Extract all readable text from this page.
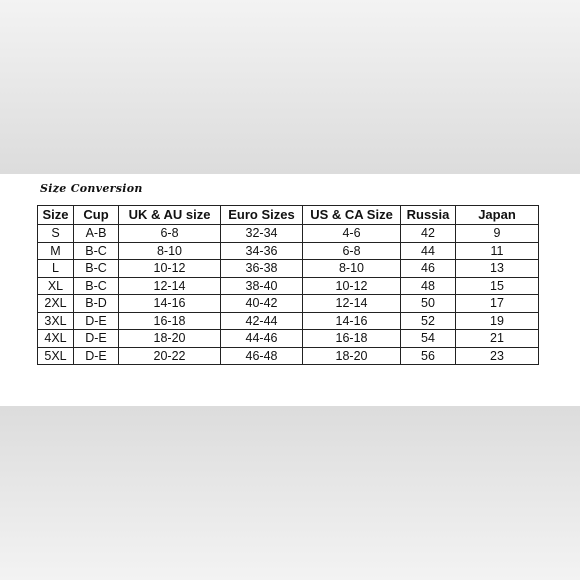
Size Conversion
Size	Cup	UK & AU size	Euro Sizes	US & CA Size	Russia	Japan
S	A-B	6-8	32-34	4-6	42	9
M	B-C	8-10	34-36	6-8	44	11
L	B-C	10-12	36-38	8-10	46	13
XL	B-C	12-14	38-40	10-12	48	15
2XL	B-D	14-16	40-42	12-14	50	17
3XL	D-E	16-18	42-44	14-16	52	19
4XL	D-E	18-20	44-46	16-18	54	21
5XL	D-E	20-22	46-48	18-20	56	23
